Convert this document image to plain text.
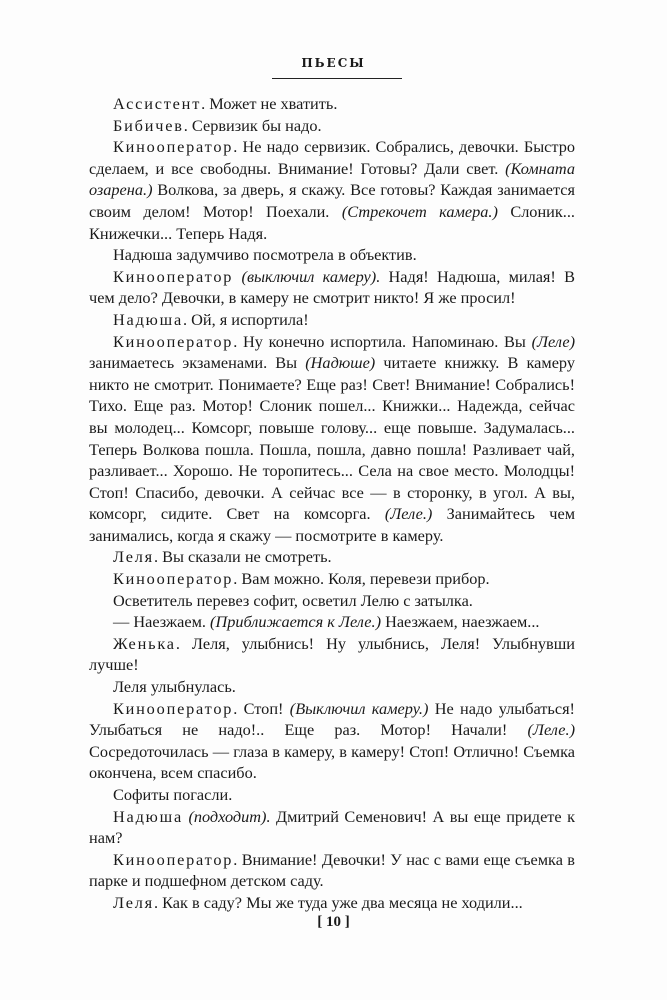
ПЬЕСЫ

Ассистент. Может не хватить.

Бибичев. Сервизик бы надо.

Кинооператор. Не надо сервизик. Собрались, девочки. Быстро сделаем, и все свободны. Внимание! Готовы? Дали свет. (Комната озарена.) Волкова, за дверь, я скажу. Все готовы? Каждая занимается своим делом! Мотор! Поехали. (Стрекочет камера.) Слоник... Книжечки... Теперь Надя.

Надюша задумчиво посмотрела в объектив.

Кинооператор (выключил камеру). Надя! Надюша, милая! В чем дело? Девочки, в камеру не смотрит никто! Я же просил!

Надюша. Ой, я испортила!

Кинооператор. Ну конечно испортила. Напоминаю. Вы (Леле) занимаетесь экзаменами. Вы (Надюше) читаете книжку. В камеру никто не смотрит. Понимаете? Еще раз! Свет! Внимание! Собрались! Тихо. Еще раз. Мотор! Слоник пошел... Книжки... Надежда, сейчас вы молодец... Комсорг, повыше голову... еще повыше. Задумалась... Теперь Волкова пошла. Пошла, пошла, давно пошла! Разливает чай, разливает... Хорошо. Не торопитесь... Села на свое место. Молодцы! Стоп! Спасибо, девочки. А сейчас все — в сторонку, в угол. А вы, комсорг, сидите. Свет на комсорга. (Леле.) Занимайтесь чем занимались, когда я скажу — посмотрите в камеру.

Леля. Вы сказали не смотреть.

Кинооператор. Вам можно. Коля, перевези прибор.

Осветитель перевез софит, осветил Лелю с затылка.

— Наезжаем. (Приближается к Леле.) Наезжаем, наезжаем...

Женька. Леля, улыбнись! Ну улыбнись, Леля! Улыбнувши лучше!

Леля улыбнулась.

Кинооператор. Стоп! (Выключил камеру.) Не надо улыбаться! Улыбаться не надо!.. Еще раз. Мотор! Начали! (Леле.) Сосредоточилась — глаза в камеру, в камеру! Стоп! Отлично! Съемка окончена, всем спасибо.

Софиты погасли.

Надюша (подходит). Дмитрий Семенович! А вы еще придете к нам?

Кинооператор. Внимание! Девочки! У нас с вами еще съемка в парке и подшефном детском саду.

Леля. Как в саду? Мы же туда уже два месяца не ходили...

[ 10 ]
